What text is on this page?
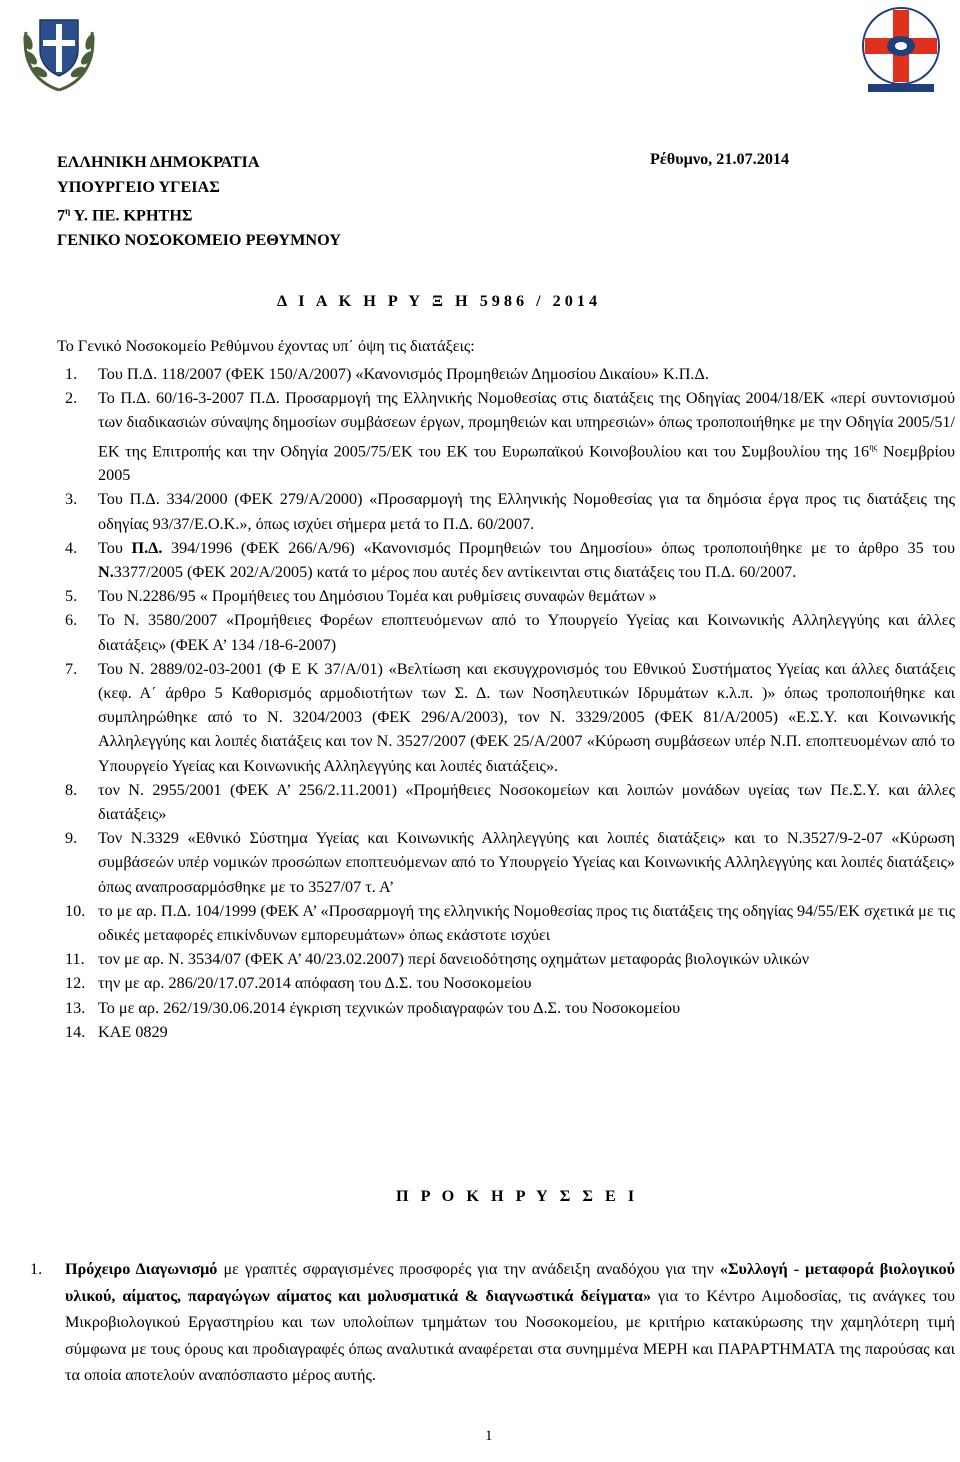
ΕΛΛΗΝΙΚΗ ΔΗΜΟΚΡΑΤΙΑ
ΥΠΟΥΡΓΕΙΟ ΥΓΕΙΑΣ
$7^\eta$ Υ. ΠΕ. ΚΡΗΤΗΣ
ΓΕΝΙΚΟ ΝΟΣΟΚΟΜΕΙΟ ΡΕΘΥΜΝΟΥ
Ρέθυμνο, 21.07.2014
Δ Ι Α Κ Η Ρ Υ Ξ Η 5986 / 2014
Το Γενικό Νοσοκομείο Ρεθύμνου έχοντας υπ΄ όψη τις διατάξεις:
1. Του Π.Δ. 118/2007 (ΦΕΚ 150/Α/2007) «Κανονισμός Προμηθειών Δημοσίου Δικαίου» Κ.Π.Δ.
2. Το Π.Δ. 60/16-3-2007 Π.Δ. Προσαρμογή της Ελληνικής Νομοθεσίας στις διατάξεις της Οδηγίας 2004/18/ΕΚ «περί συντονισμού των διαδικασιών σύναψης δημοσίων συμβάσεων έργων, προμηθειών και υπηρεσιών» όπως τροποποιήθηκε με την Οδηγία 2005/51/ΕΚ της Επιτροπής και την Οδηγία 2005/75/ΕΚ του ΕΚ του Ευρωπαϊκού Κοινοβουλίου και του Συμβουλίου της $16^{\eta\varsigma}$ Νοεμβρίου 2005
3. Του Π.Δ. 334/2000 (ΦΕΚ 279/Α/2000) «Προσαρμογή της Ελληνικής Νομοθεσίας για τα δημόσια έργα προς τις διατάξεις της οδηγίας 93/37/Ε.Ο.Κ.», όπως ισχύει σήμερα μετά το Π.Δ. 60/2007.
4. Του Π.Δ. 394/1996 (ΦΕΚ 266/Α/96) «Κανονισμός Προμηθειών του Δημοσίου» όπως τροποποιήθηκε με το άρθρο 35 του Ν.3377/2005 (ΦΕΚ 202/Α/2005) κατά το μέρος που αυτές δεν αντίκεινται στις διατάξεις του Π.Δ. 60/2007.
5. Του Ν.2286/95 « Προμήθειες του Δημόσιου Τομέα και ρυθμίσεις συναφών θεμάτων »
6. Το Ν. 3580/2007 «Προμήθειες Φορέων εποπτευόμενων από το Υπουργείο Υγείας και Κοινωνικής Αλληλεγγύης και άλλες διατάξεις» (ΦΕΚ Α’ 134 /18-6-2007)
7. Του Ν. 2889/02-03-2001 (Φ Ε Κ 37/Α/01) «Βελτίωση και εκσυγχρονισμός του Εθνικού Συστήματος Υγείας και άλλες διατάξεις (κεφ. Α΄ άρθρο 5 Καθορισμός αρμοδιοτήτων των Σ. Δ. των Νοσηλευτικών Ιδρυμάτων κ.λ.π. )» όπως τροποποιήθηκε και συμπληρώθηκε από το Ν. 3204/2003 (ΦΕΚ 296/Α/2003), τον Ν. 3329/2005 (ΦΕΚ 81/Α/2005) «Ε.Σ.Υ. και Κοινωνικής Αλληλεγγύης και λοιπές διατάξεις και τον Ν. 3527/2007 (ΦΕΚ 25/Α/2007 «Κύρωση συμβάσεων υπέρ Ν.Π. εποπτευομένων από το Υπουργείο Υγείας και Κοινωνικής Αλληλεγγύης και λοιπές διατάξεις».
8. τον Ν. 2955/2001 (ΦΕΚ Α’ 256/2.11.2001) «Προμήθειες Νοσοκομείων και λοιπών μονάδων υγείας των Πε.Σ.Υ. και άλλες διατάξεις»
9. Τον Ν.3329 «Εθνικό Σύστημα Υγείας και Κοινωνικής Αλληλεγγύης και λοιπές διατάξεις» και το Ν.3527/9-2-07 «Κύρωση συμβάσεών υπέρ νομικών προσώπων εποπτευόμενων από το Υπουργείο Υγείας και Κοινωνικής Αλληλεγγύης και λοιπές διατάξεις» όπως αναπροσαρμόσθηκε με το 3527/07 τ. Α’
10. το με αρ. Π.Δ. 104/1999 (ΦΕΚ Α’ «Προσαρμογή της ελληνικής Νομοθεσίας προς τις διατάξεις της οδηγίας 94/55/ΕΚ σχετικά με τις οδικές μεταφορές επικίνδυνων εμπορευμάτων» όπως εκάστοτε ισχύει
11. τον με αρ. Ν. 3534/07 (ΦΕΚ Α’ 40/23.02.2007) περί δανειοδότησης οχημάτων μεταφοράς βιολογικών υλικών
12. την με αρ. 286/20/17.07.2014 απόφαση του Δ.Σ. του Νοσοκομείου
13. Το με αρ. 262/19/30.06.2014 έγκριση τεχνικών προδιαγραφών του Δ.Σ. του Νοσοκομείου
14. ΚΑΕ 0829
Π Ρ Ο Κ Η Ρ Υ Σ Σ Ε Ι
1.	Πρόχειρο Διαγωνισμό με γραπτές σφραγισμένες προσφορές για την ανάδειξη αναδόχου για την «Συλλογή - μεταφορά βιολογικού υλικού, αίματος, παραγώγων αίματος και μολυσματικά & διαγνωστικά δείγματα» για το Κέντρο Αιμοδοσίας, τις ανάγκες του Μικροβιολογικού Εργαστηρίου και των υπολοίπων τμημάτων του Νοσοκομείου, με κριτήριο κατακύρωσης την χαμηλότερη τιμή σύμφωνα με τους όρους και προδιαγραφές όπως αναλυτικά αναφέρεται στα συνημμένα ΜΕΡΗ και ΠΑΡΑΡΤΗΜΑΤΑ της παρούσας και τα οποία αποτελούν αναπόσπαστο μέρος αυτής.
1
